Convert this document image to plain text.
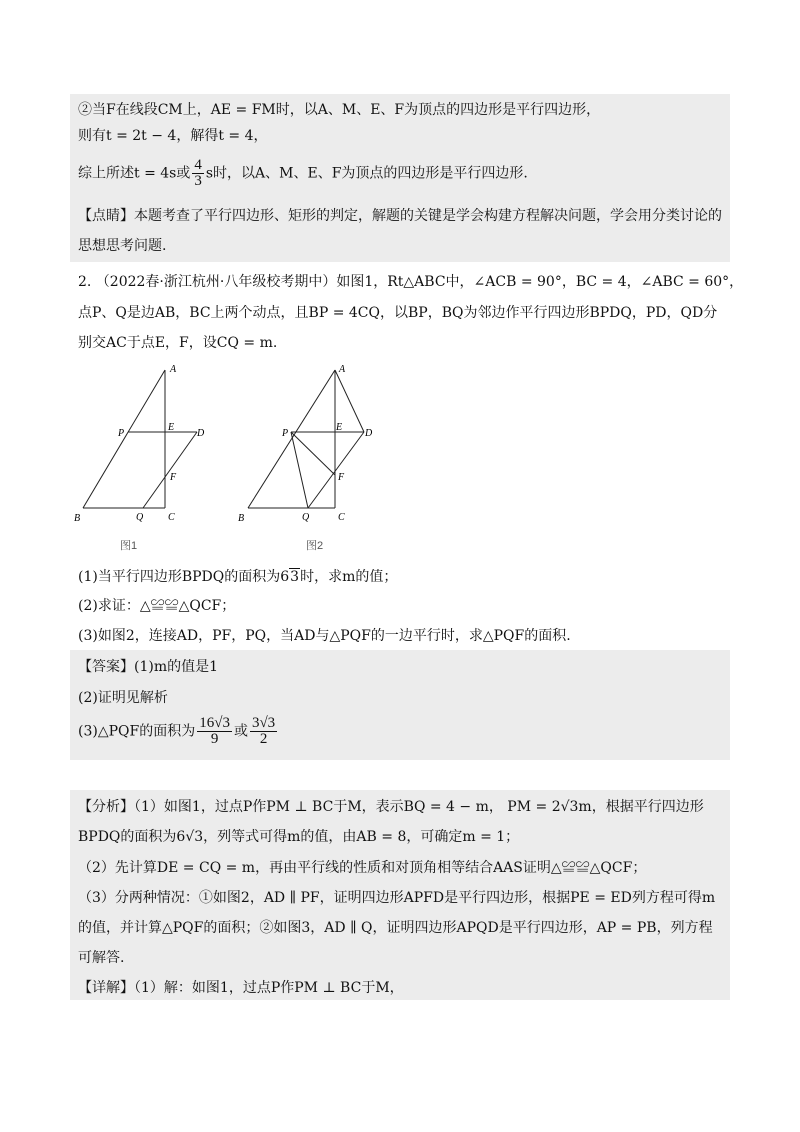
②当F在线段CM上，AE = FM时，以A、M、E、F为顶点的四边形是平行四边形，
则有t = 2t − 4，解得t = 4，
综上所述t = 4s或 $\frac{4}{3}$ s时，以A、M、E、F为顶点的四边形是平行四边形.
【点睛】本题考查了平行四边形、矩形的判定，解题的关键是学会构建方程解决问题，学会用分类讨论的
思想思考问题.
2. （2022春·浙江杭州·八年级校考期中）如图1，Rt△ABC中，∠ACB = 90°，BC = 4，∠ABC = 60°，
点P、Q是边AB，BC上两个动点，且BP = 4CQ，以BP，BQ为邻边作平行四边形BPDQ，PD，QD分
别交AC于点E，F，设CQ = m.
A
B	C
P
E
D
F
Q
图1
A
B	C
P
E
D
F
Q
图2
(1)当平行四边形BPDQ的面积为63时，求m的值；
(2)求证：△≌≌△QCF；
(3)如图2，连接AD，PF，PQ，当AD与△PQF的一边平行时，求△PQF的面积.
【答案】(1)m的值是1
(2)证明见解析
(3)△PQF的面积为 $\frac{16√3}{9}$ 或 $\frac{3√3}{2}$
【分析】（1）如图1，过点P作PM ⊥ BC于M，表示BQ = 4 − m， PM = 2√3m，根据平行四边形
BPDQ的面积为6√3，列等式可得m的值，由AB = 8，可确定m = 1；
（2）先计算DE = CQ = m，再由平行线的性质和对顶角相等结合AAS证明△≌≌△QCF；
（3）分两种情况：①如图2，AD ∥ PF，证明四边形APFD是平行四边形，根据PE = ED列方程可得m
的值，并计算△PQF的面积；②如图3，AD ∥ Q，证明四边形APQD是平行四边形，AP = PB，列方程
可解答.
【详解】（1）解：如图1，过点P作PM ⊥ BC于M，
